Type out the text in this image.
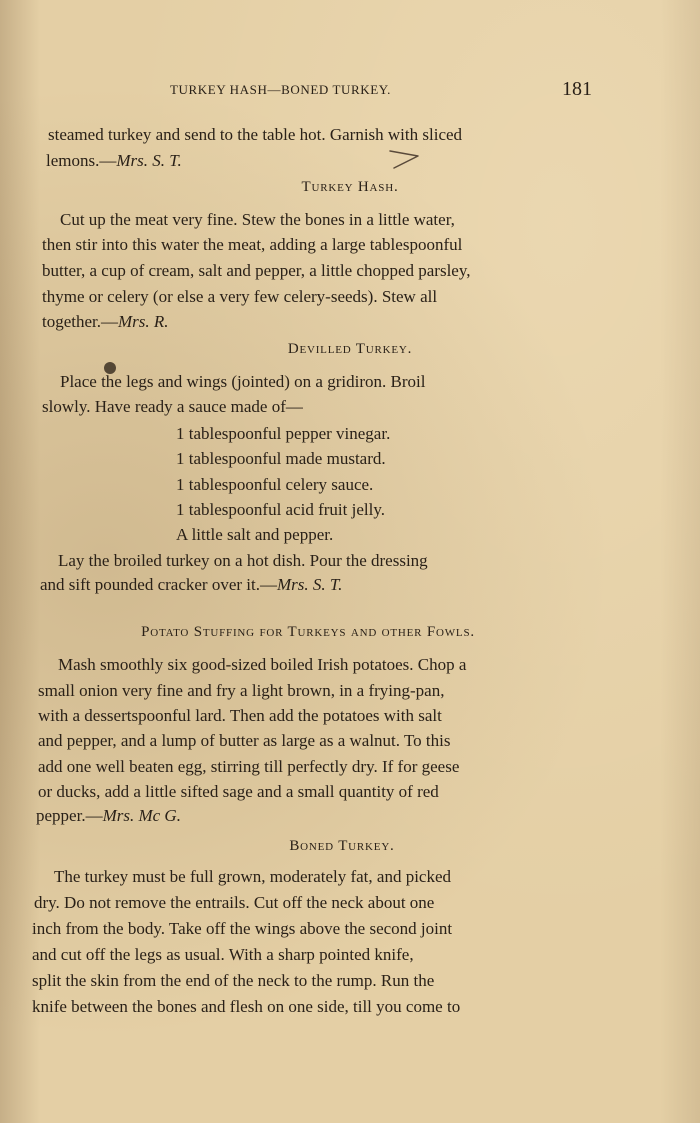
TURKEY HASH—BONED TURKEY.	181
steamed turkey and send to the table hot. Garnish with sliced
lemons.—Mrs. S. T.
Turkey Hash.
Cut up the meat very fine. Stew the bones in a little water,
then stir into this water the meat, adding a large tablespoonful
butter, a cup of cream, salt and pepper, a little chopped parsley,
thyme or celery (or else a very few celery-seeds). Stew all
together.—Mrs. R.
Devilled Turkey.
Place the legs and wings (jointed) on a gridiron. Broil
slowly. Have ready a sauce made of—
1 tablespoonful pepper vinegar.
1 tablespoonful made mustard.
1 tablespoonful celery sauce.
1 tablespoonful acid fruit jelly.
A little salt and pepper.
Lay the broiled turkey on a hot dish. Pour the dressing
and sift pounded cracker over it.—Mrs. S. T.
Potato Stuffing for Turkeys and other Fowls.
Mash smoothly six good-sized boiled Irish potatoes. Chop a
small onion very fine and fry a light brown, in a frying-pan,
with a dessertspoonful lard. Then add the potatoes with salt
and pepper, and a lump of butter as large as a walnut. To this
add one well beaten egg, stirring till perfectly dry. If for geese
or ducks, add a little sifted sage and a small quantity of red
pepper.—Mrs. Mc G.
Boned Turkey.
The turkey must be full grown, moderately fat, and picked
dry. Do not remove the entrails. Cut off the neck about one
inch from the body. Take off the wings above the second joint
and cut off the legs as usual. With a sharp pointed knife,
split the skin from the end of the neck to the rump. Run the
knife between the bones and flesh on one side, till you come to
